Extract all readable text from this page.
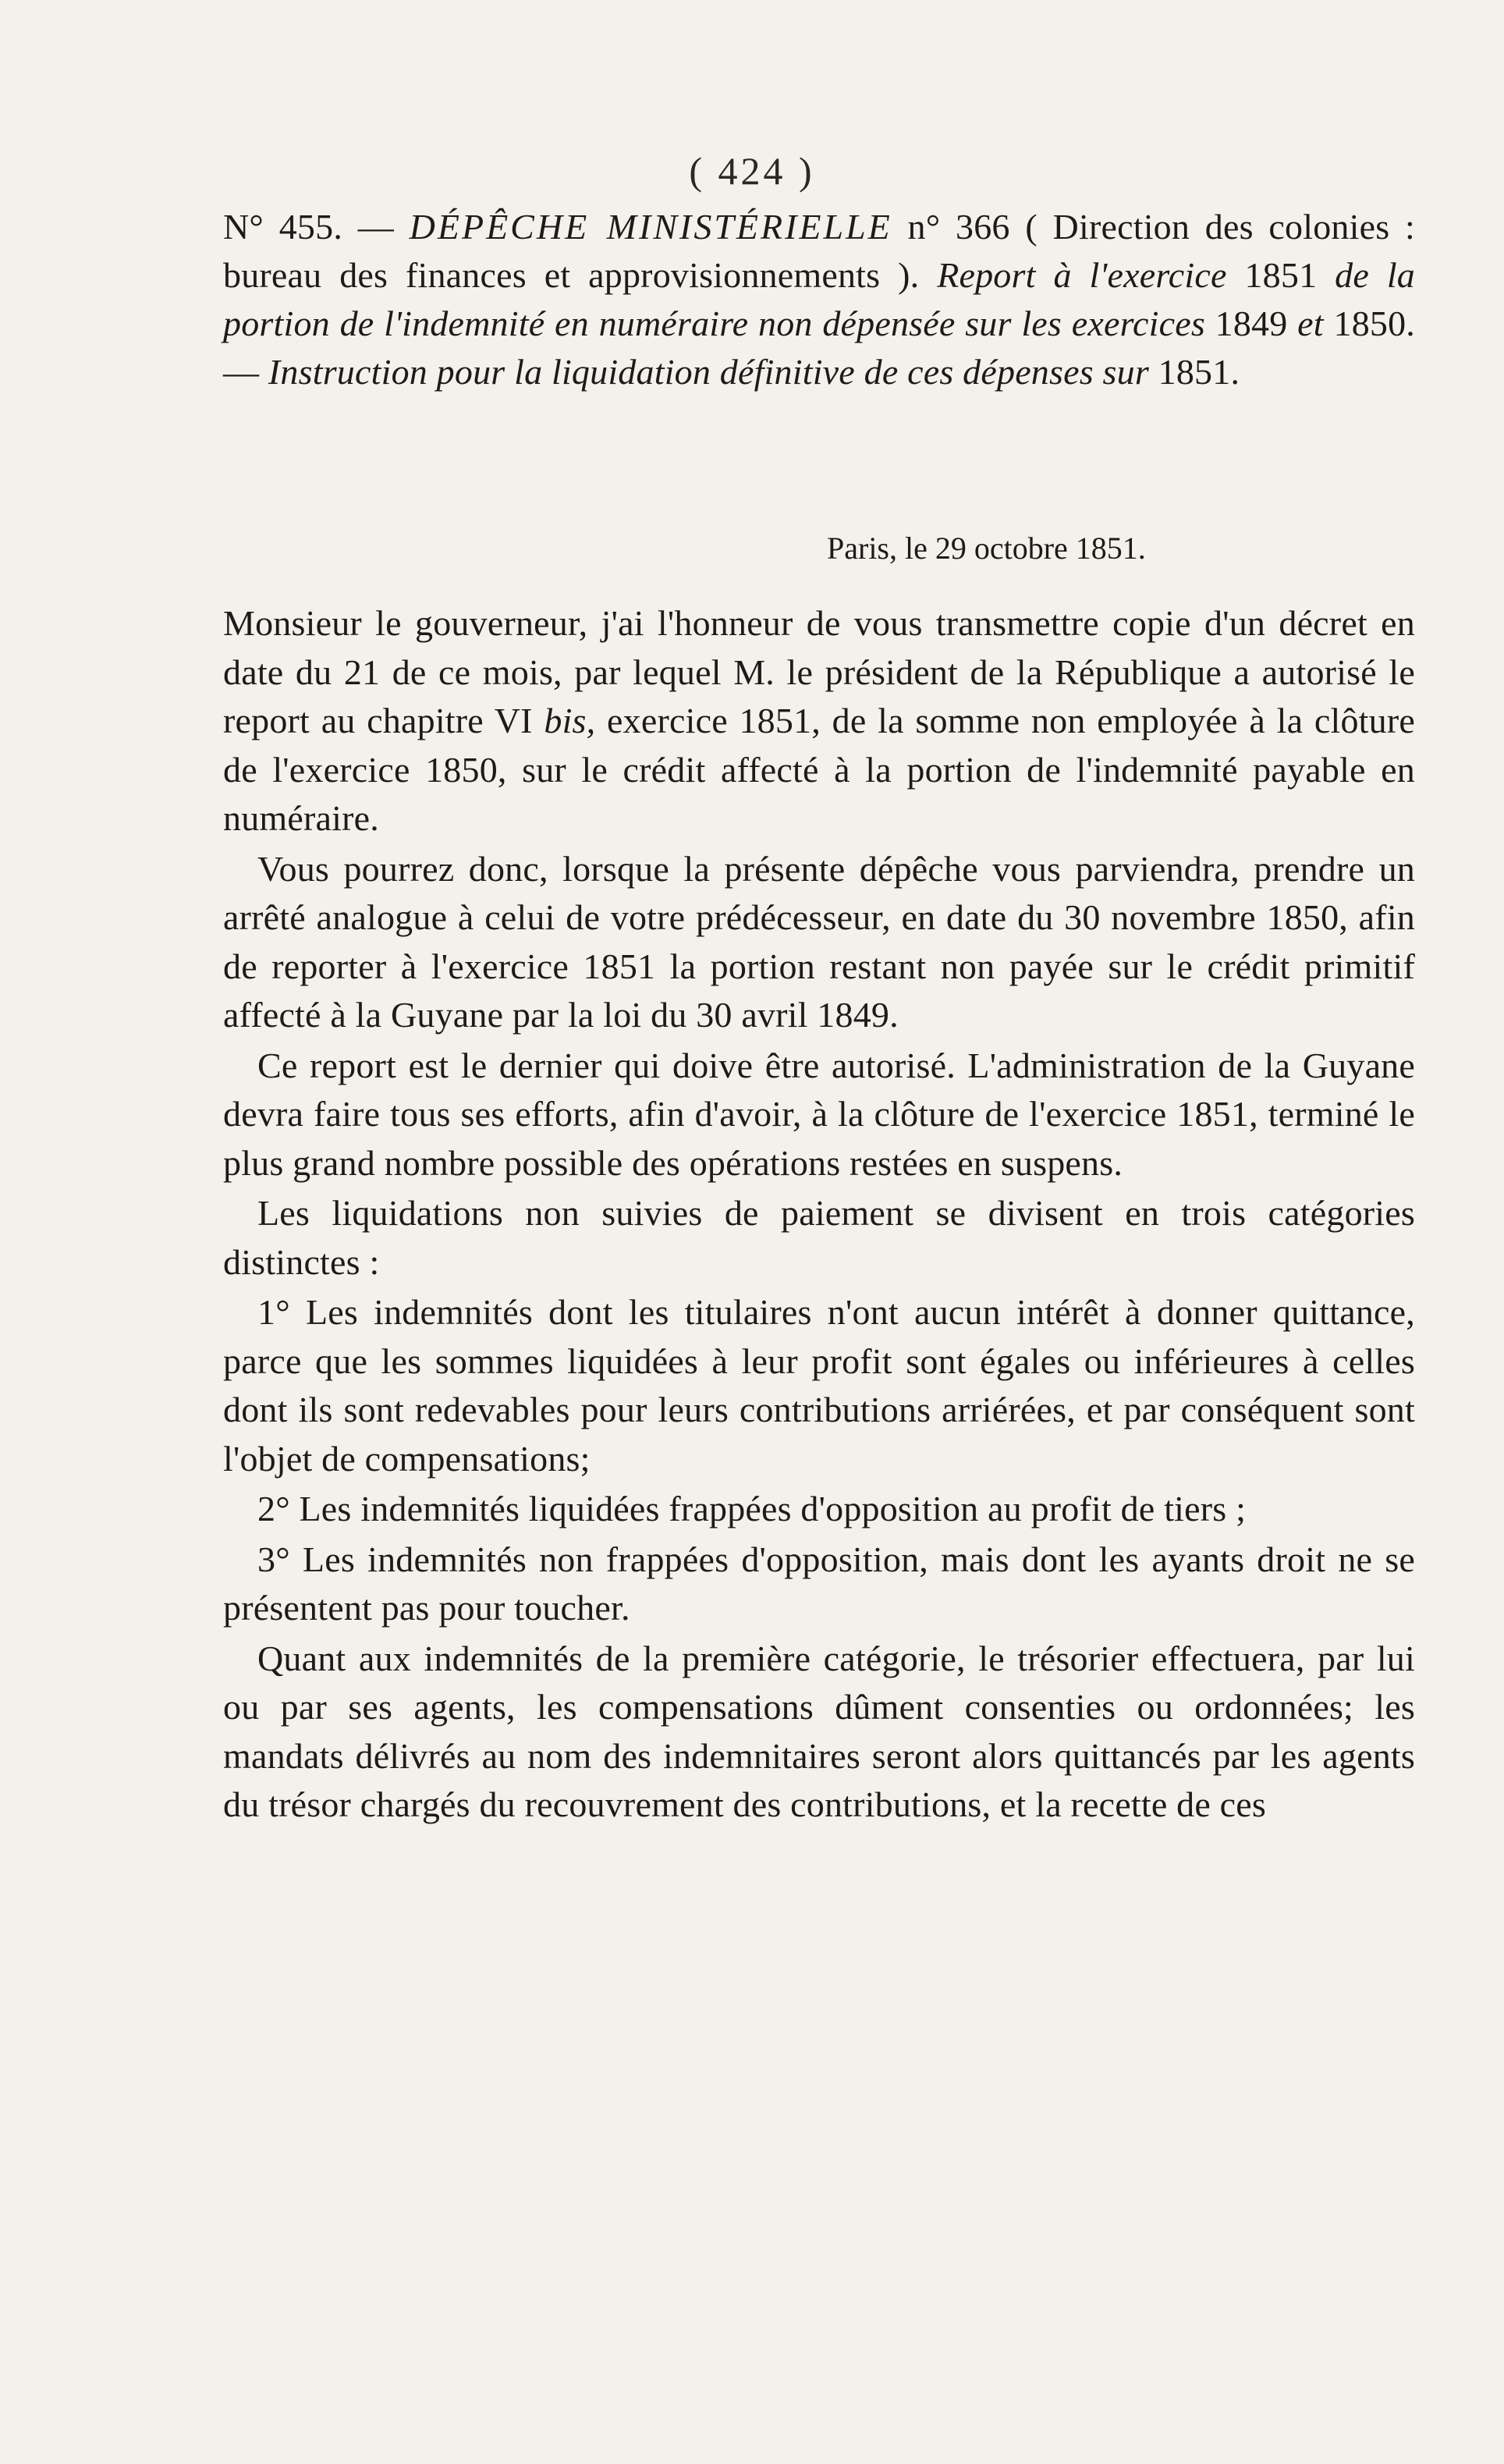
( 424 )
N° 455. — DÉPÊCHE MINISTÉRIELLE n° 366 ( Direction des colonies : bureau des finances et approvisionnements ). Report à l'exercice 1851 de la portion de l'indemnité en numéraire non dépensée sur les exercices 1849 et 1850. — Instruction pour la liquidation définitive de ces dépenses sur 1851.
Paris, le 29 octobre 1851.

Monsieur le gouverneur, j'ai l'honneur de vous transmettre copie d'un décret en date du 21 de ce mois, par lequel M. le président de la République a autorisé le report au chapitre VI bis, exercice 1851, de la somme non employée à la clôture de l'exercice 1850, sur le crédit affecté à la portion de l'indemnité payable en numéraire.

Vous pourrez donc, lorsque la présente dépêche vous parviendra, prendre un arrêté analogue à celui de votre prédécesseur, en date du 30 novembre 1850, afin de reporter à l'exercice 1851 la portion restant non payée sur le crédit primitif affecté à la Guyane par la loi du 30 avril 1849.

Ce report est le dernier qui doive être autorisé. L'administration de la Guyane devra faire tous ses efforts, afin d'avoir, à la clôture de l'exercice 1851, terminé le plus grand nombre possible des opérations restées en suspens.

Les liquidations non suivies de paiement se divisent en trois catégories distinctes :

1° Les indemnités dont les titulaires n'ont aucun intérêt à donner quittance, parce que les sommes liquidées à leur profit sont égales ou inférieures à celles dont ils sont redevables pour leurs contributions arriérées, et par conséquent sont l'objet de compensations;

2° Les indemnités liquidées frappées d'opposition au profit de tiers ;

3° Les indemnités non frappées d'opposition, mais dont les ayants droit ne se présentent pas pour toucher.

Quant aux indemnités de la première catégorie, le trésorier effectuera, par lui ou par ses agents, les compensations dûment consenties ou ordonnées; les mandats délivrés au nom des indemnitaires seront alors quittancés par les agents du trésor chargés du recouvrement des contributions, et la recette de ces
